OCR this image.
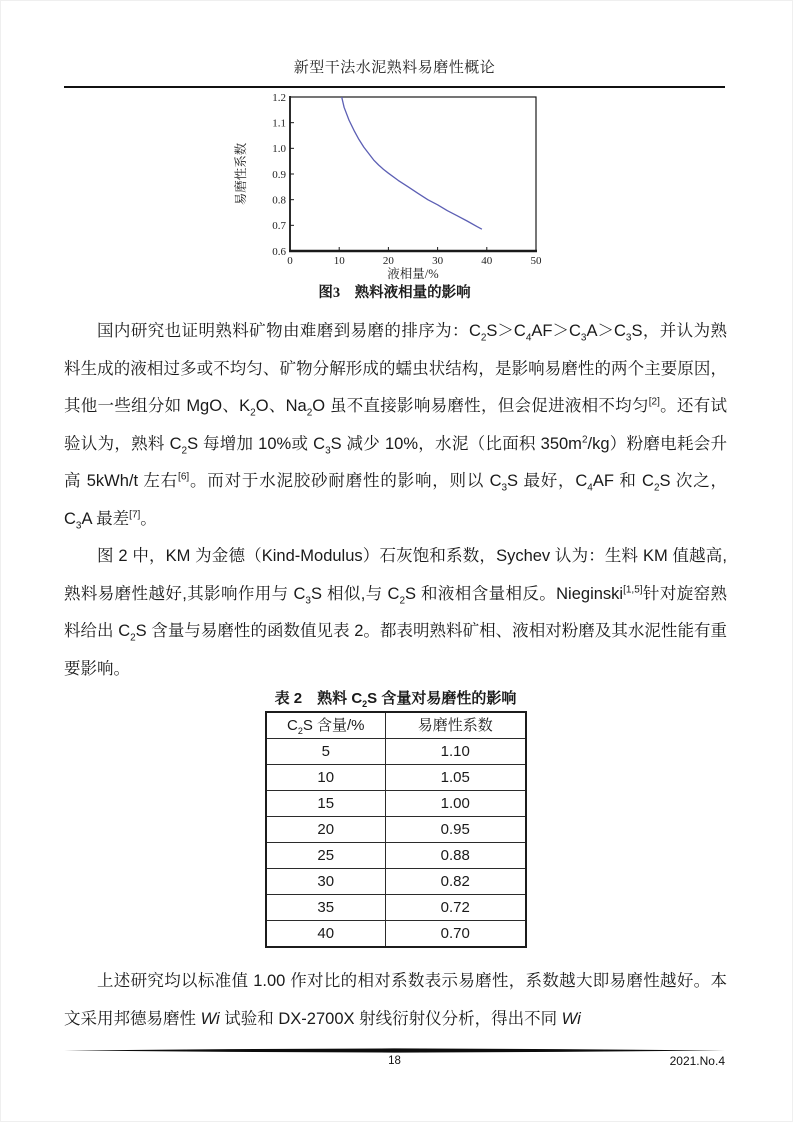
新型干法水泥熟料易磨性概论
0	10	20	30	40	50
0.6
0.7
0.8
0.9
1.0
1.1
1.2
液相量/%
易磨性系数
图3　熟料液相量的影响

国内研究也证明熟料矿物由难磨到易磨的排序为：$C_2S>C_4AF>C_3A>C_3S$，并认为熟料生成的液相过多或不均匀、矿物分解形成的蠕虫状结构，是影响易磨性的两个主要原因，其他一些组分如 MgO、$K_2O$、$Na_2O$ 虽不直接影响易磨性，但会促进液相不均匀[2]。还有试验认为，熟料 $C_2S$ 每增加 10%或 $C_3S$ 减少 10%，水泥（比面积 $350m^2/kg$）粉磨电耗会升高 5kWh/t 左右[6]。而对于水泥胶砂耐磨性的影响，则以 $C_3S$ 最好，$C_4AF$ 和 $C_2S$ 次之，$C_3A$ 最差[7]。

图 2 中，KM 为金德（Kind-Modulus）石灰饱和系数，Sychev 认为：生料 KM 值越高,熟料易磨性越好,其影响作用与 $C_3S$ 相似,与 $C_2S$ 和液相含量相反。Nieginski[1,5]针对旋窑熟料给出 $C_2S$ 含量与易磨性的函数值见表 2。都表明熟料矿相、液相对粉磨及其水泥性能有重要影响。

表 2　熟料 $C_2S$ 含量对易磨性的影响
$C_2S$ 含量/%	易磨性系数
5	1.10
10	1.05
15	1.00
20	0.95
25	0.88
30	0.82
35	0.72
40	0.70

上述研究均以标准值 1.00 作对比的相对系数表示易磨性，系数越大即易磨性越好。本文采用邦德易磨性 Wi 试验和 DX-2700X 射线衍射仪分析，得出不同 Wi

18	2021.No.4
